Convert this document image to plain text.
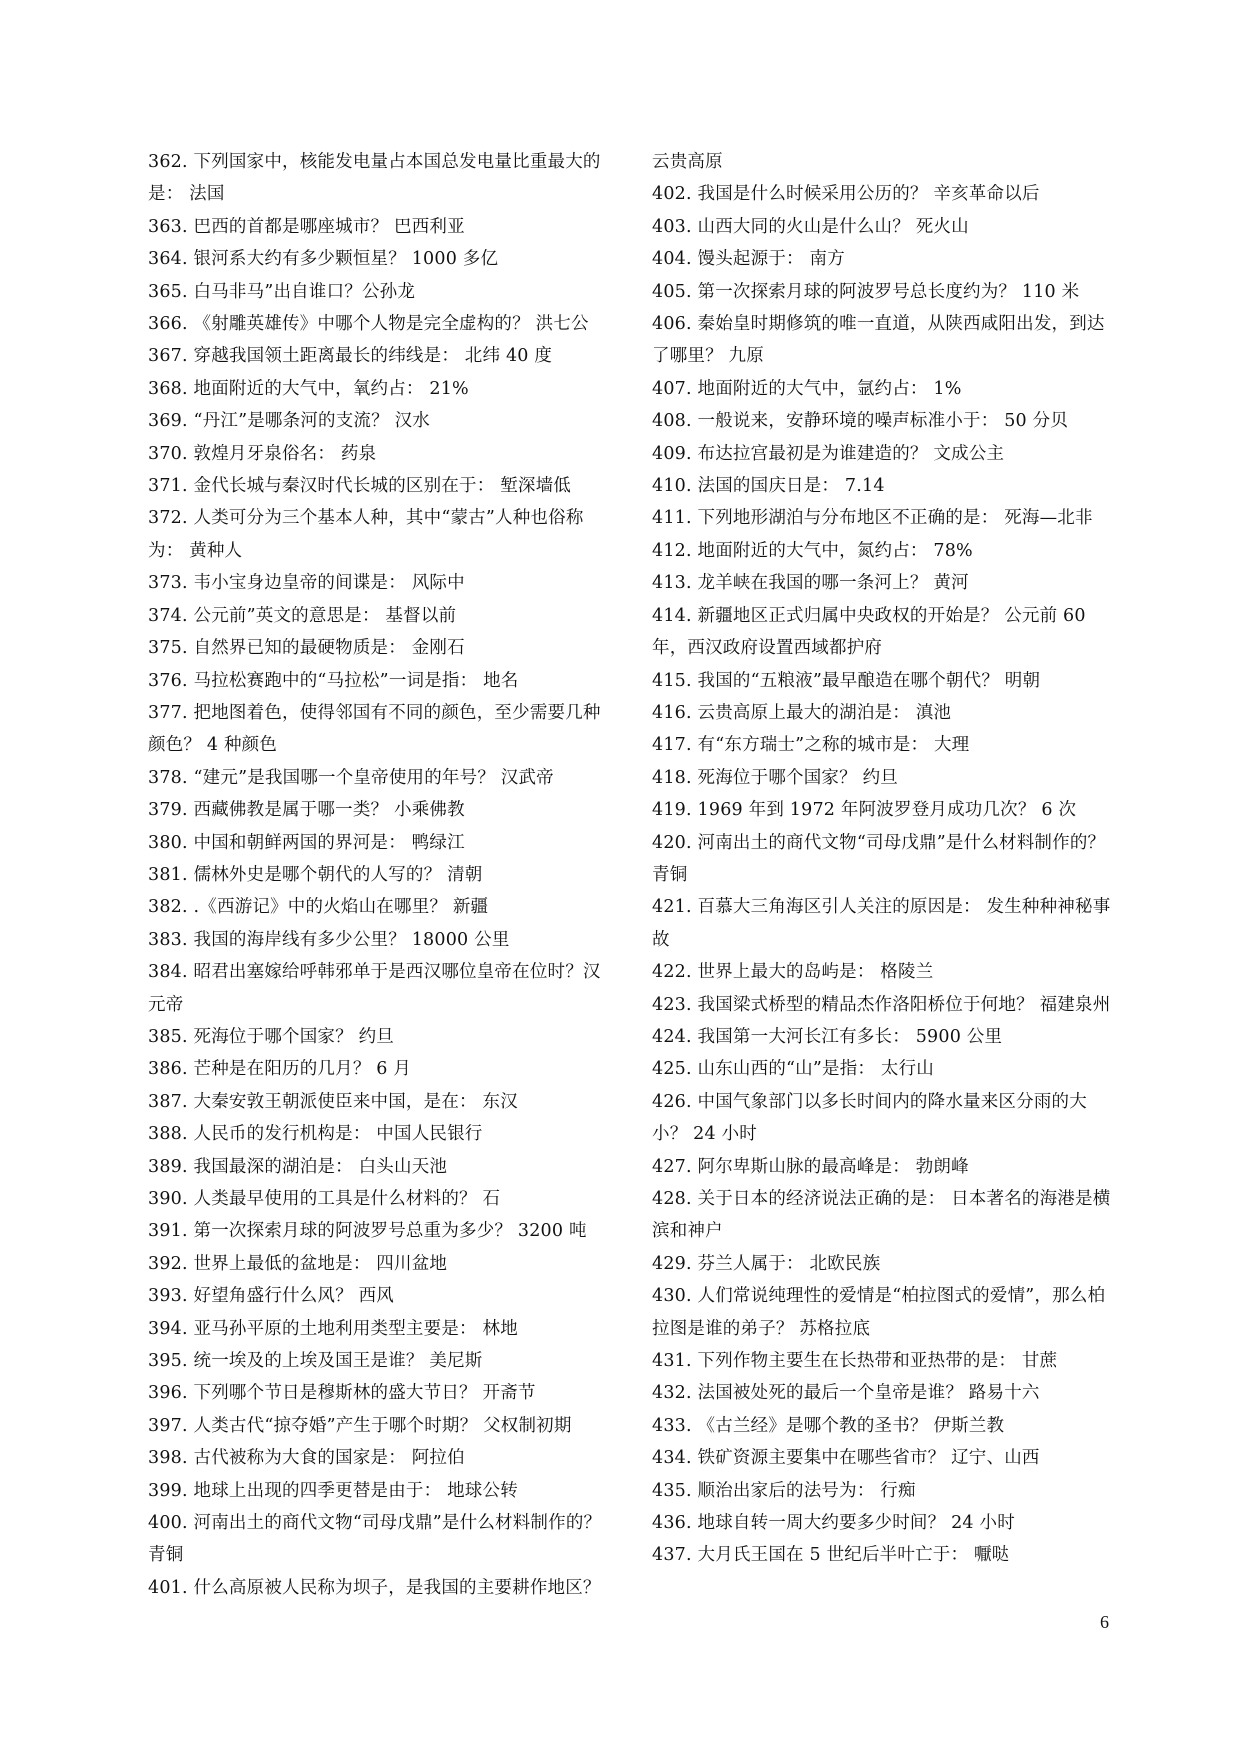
362. 下列国家中，核能发电量占本国总发电量比重最大的是： 法国

363. 巴西的首都是哪座城市？ 巴西利亚

364. 银河系大约有多少颗恒星？ 1000 多亿

365. 白马非马”出自谁口？公孙龙

366. 《射雕英雄传》中哪个人物是完全虚构的？ 洪七公

367. 穿越我国领土距离最长的纬线是： 北纬 40 度

368. 地面附近的大气中，氧约占： 21%

369. “丹江”是哪条河的支流？ 汉水

370. 敦煌月牙泉俗名： 药泉

371. 金代长城与秦汉时代长城的区别在于： 堑深墙低

372. 人类可分为三个基本人种，其中“蒙古”人种也俗称为： 黄种人

373. 韦小宝身边皇帝的间谍是： 风际中

374. 公元前”英文的意思是： 基督以前

375. 自然界已知的最硬物质是： 金刚石

376. 马拉松赛跑中的“马拉松”一词是指： 地名

377. 把地图着色，使得邻国有不同的颜色，至少需要几种颜色？ 4 种颜色

378. “建元”是我国哪一个皇帝使用的年号？ 汉武帝

379. 西藏佛教是属于哪一类？ 小乘佛教

380. 中国和朝鲜两国的界河是： 鸭绿江

381. 儒林外史是哪个朝代的人写的？ 清朝

382. .《西游记》中的火焰山在哪里？ 新疆

383. 我国的海岸线有多少公里？ 18000 公里

384. 昭君出塞嫁给呼韩邪单于是西汉哪位皇帝在位时？汉元帝

385. 死海位于哪个国家？ 约旦

386. 芒种是在阳历的几月？ 6 月

387. 大秦安敦王朝派使臣来中国，是在： 东汉

388. 人民币的发行机构是： 中国人民银行

389. 我国最深的湖泊是： 白头山天池

390. 人类最早使用的工具是什么材料的？ 石

391. 第一次探索月球的阿波罗号总重为多少？ 3200 吨

392. 世界上最低的盆地是： 四川盆地

393. 好望角盛行什么风？ 西风

394. 亚马孙平原的土地利用类型主要是： 林地

395. 统一埃及的上埃及国王是谁？ 美尼斯

396. 下列哪个节日是穆斯林的盛大节日？ 开斋节

397. 人类古代“掠夺婚”产生于哪个时期？ 父权制初期

398. 古代被称为大食的国家是： 阿拉伯

399. 地球上出现的四季更替是由于： 地球公转

400. 河南出土的商代文物“司母戊鼎”是什么材料制作的？ 青铜

401. 什么高原被人民称为坝子，是我国的主要耕作地区？

云贵高原

402. 我国是什么时候采用公历的？ 辛亥革命以后

403. 山西大同的火山是什么山？ 死火山

404. 馒头起源于： 南方

405. 第一次探索月球的阿波罗号总长度约为？ 110 米

406. 秦始皇时期修筑的唯一直道，从陕西咸阳出发，到达了哪里？ 九原

407. 地面附近的大气中，氩约占： 1%

408. 一般说来，安静环境的噪声标准小于： 50 分贝

409. 布达拉宫最初是为谁建造的？ 文成公主

410. 法国的国庆日是： 7.14

411. 下列地形湖泊与分布地区不正确的是： 死海—北非

412. 地面附近的大气中，氮约占： 78%

413. 龙羊峡在我国的哪一条河上？ 黄河

414. 新疆地区正式归属中央政权的开始是？ 公元前 60 年，西汉政府设置西域都护府

415. 我国的“五粮液”最早酿造在哪个朝代？ 明朝

416. 云贵高原上最大的湖泊是： 滇池

417. 有“东方瑞士”之称的城市是： 大理

418. 死海位于哪个国家？ 约旦

419. 1969 年到 1972 年阿波罗登月成功几次？ 6 次

420. 河南出土的商代文物“司母戊鼎”是什么材料制作的？ 青铜

421. 百慕大三角海区引人关注的原因是： 发生种种神秘事故

422. 世界上最大的岛屿是： 格陵兰

423. 我国梁式桥型的精品杰作洛阳桥位于何地？ 福建泉州

424. 我国第一大河长江有多长： 5900 公里

425. 山东山西的“山”是指： 太行山

426. 中国气象部门以多长时间内的降水量来区分雨的大小？ 24 小时

427. 阿尔卑斯山脉的最高峰是： 勃朗峰

428. 关于日本的经济说法正确的是： 日本著名的海港是横滨和神户

429. 芬兰人属于： 北欧民族

430. 人们常说纯理性的爱情是“柏拉图式的爱情”，那么柏拉图是谁的弟子？ 苏格拉底

431. 下列作物主要生在长热带和亚热带的是： 甘蔗

432. 法国被处死的最后一个皇帝是谁？ 路易十六

433. 《古兰经》是哪个教的圣书？ 伊斯兰教

434. 铁矿资源主要集中在哪些省市？ 辽宁、山西

435. 顺治出家后的法号为： 行痴

436. 地球自转一周大约要多少时间？ 24 小时

437. 大月氏王国在 5 世纪后半叶亡于： 嚈哒

6
